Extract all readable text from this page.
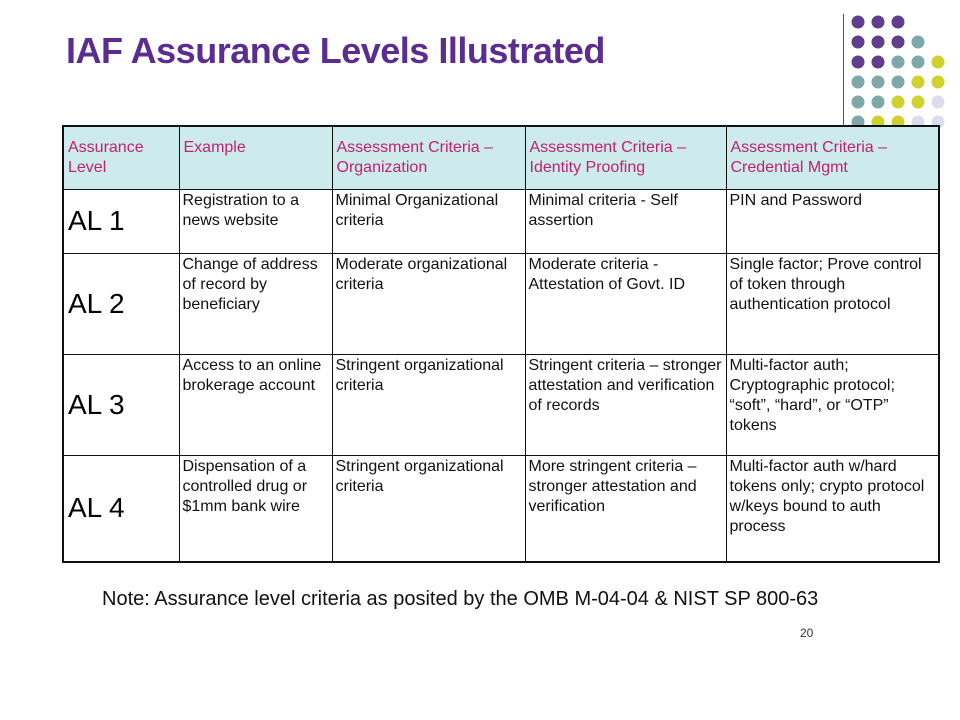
IAF Assurance Levels Illustrated
Assurance Level	Example	Assessment Criteria – Organization	Assessment Criteria – Identity Proofing	Assessment Criteria – Credential Mgmt
AL 1	Registration to a news website	Minimal Organizational criteria	Minimal criteria - Self assertion	PIN and Password
AL 2	Change of address of record by beneficiary	Moderate organizational criteria	Moderate criteria - Attestation of Govt. ID	Single factor; Prove control of token through authentication protocol
AL 3	Access to an online brokerage account	Stringent organizational criteria	Stringent criteria – stronger attestation and verification of records	Multi-factor auth; Cryptographic protocol; “soft”, “hard”, or “OTP” tokens
AL 4	Dispensation of a controlled drug or $1mm bank wire	Stringent organizational criteria	More stringent criteria – stronger attestation and verification	Multi-factor auth w/hard tokens only; crypto protocol w/keys bound to auth process

Note: Assurance level criteria as posited by the OMB M-04-04 & NIST SP 800-63

20
